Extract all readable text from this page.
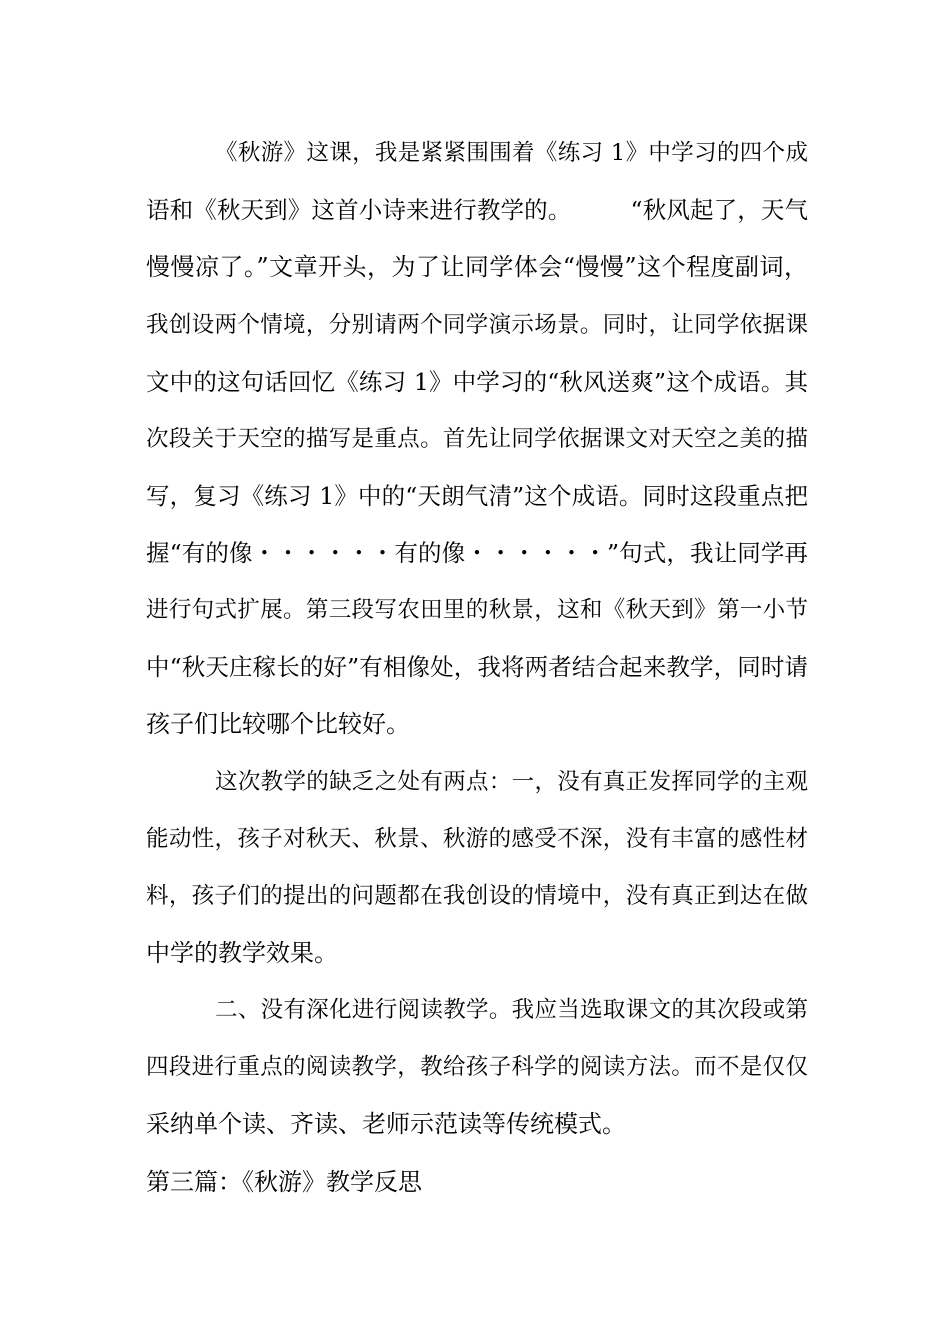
《秋游》这课，我是紧紧围围着《练习 1》中学习的四个成
语和《秋天到》这首小诗来进行教学的。　　　“秋风起了，天气
慢慢凉了。”文章开头，为了让同学体会“慢慢”这个程度副词，
我创设两个情境，分别请两个同学演示场景。同时，让同学依据课
文中的这句话回忆《练习 1》中学习的“秋风送爽”这个成语。其
次段关于天空的描写是重点。首先让同学依据课文对天空之美的描
写，复习《练习 1》中的“天朗气清”这个成语。同时这段重点把
握“有的像・・・・・・有的像・・・・・・”句式，我让同学再
进行句式扩展。第三段写农田里的秋景，这和《秋天到》第一小节
中“秋天庄稼长的好”有相像处，我将两者结合起来教学，同时请
孩子们比较哪个比较好。
这次教学的缺乏之处有两点：一，没有真正发挥同学的主观
能动性，孩子对秋天、秋景、秋游的感受不深，没有丰富的感性材
料，孩子们的提出的问题都在我创设的情境中，没有真正到达在做
中学的教学效果。
二、没有深化进行阅读教学。我应当选取课文的其次段或第
四段进行重点的阅读教学，教给孩子科学的阅读方法。而不是仅仅
采纳单个读、齐读、老师示范读等传统模式。
第三篇：《秋游》教学反思
